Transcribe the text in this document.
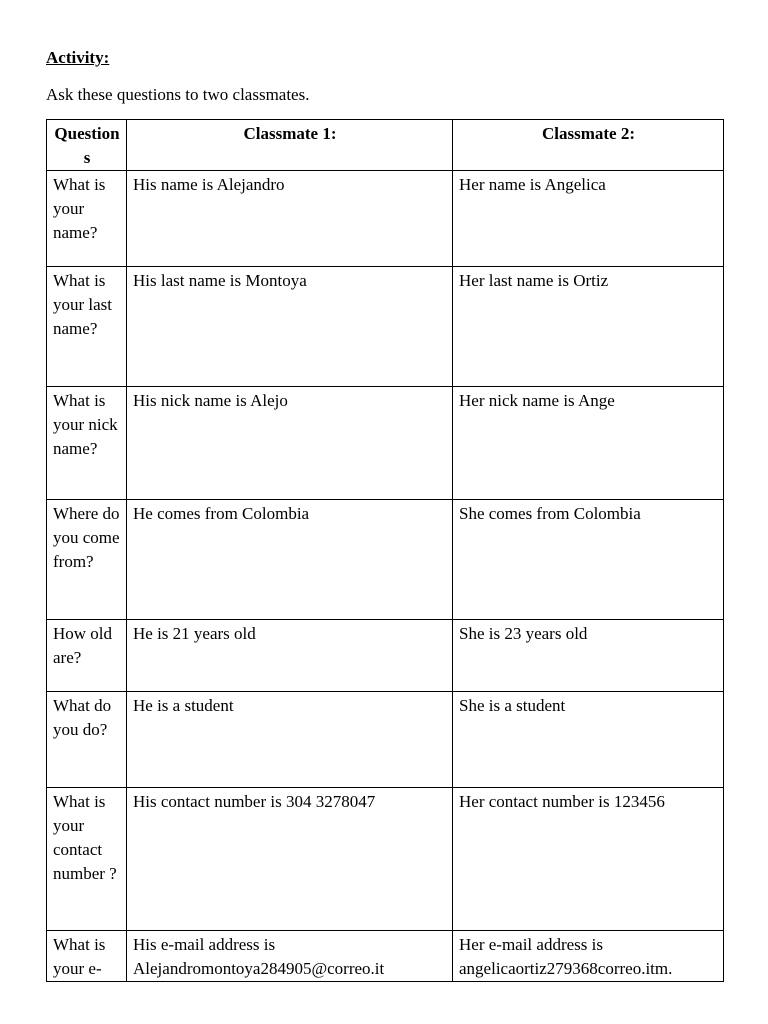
Activity:
Ask these questions to two classmates.
Questions	Classmate 1:	Classmate 2:
What is your name?	His name is Alejandro	Her name is Angelica
What is your last name?	His last name is Montoya	Her last name is Ortiz
What is your nick name?	His nick name is Alejo	Her nick name is Ange
Where do you come from?	He comes from Colombia	She comes from Colombia
How old are?	He is 21 years old	She is 23 years old
What do you do?	He is a student	She is a student
What is your contact number ?	His contact number is 304 3278047	Her contact number is 123456
What is your e-	His e-mail address is Alejandromontoya284905@correo.it	Her e-mail address is angelicaortiz279368correo.itm.
